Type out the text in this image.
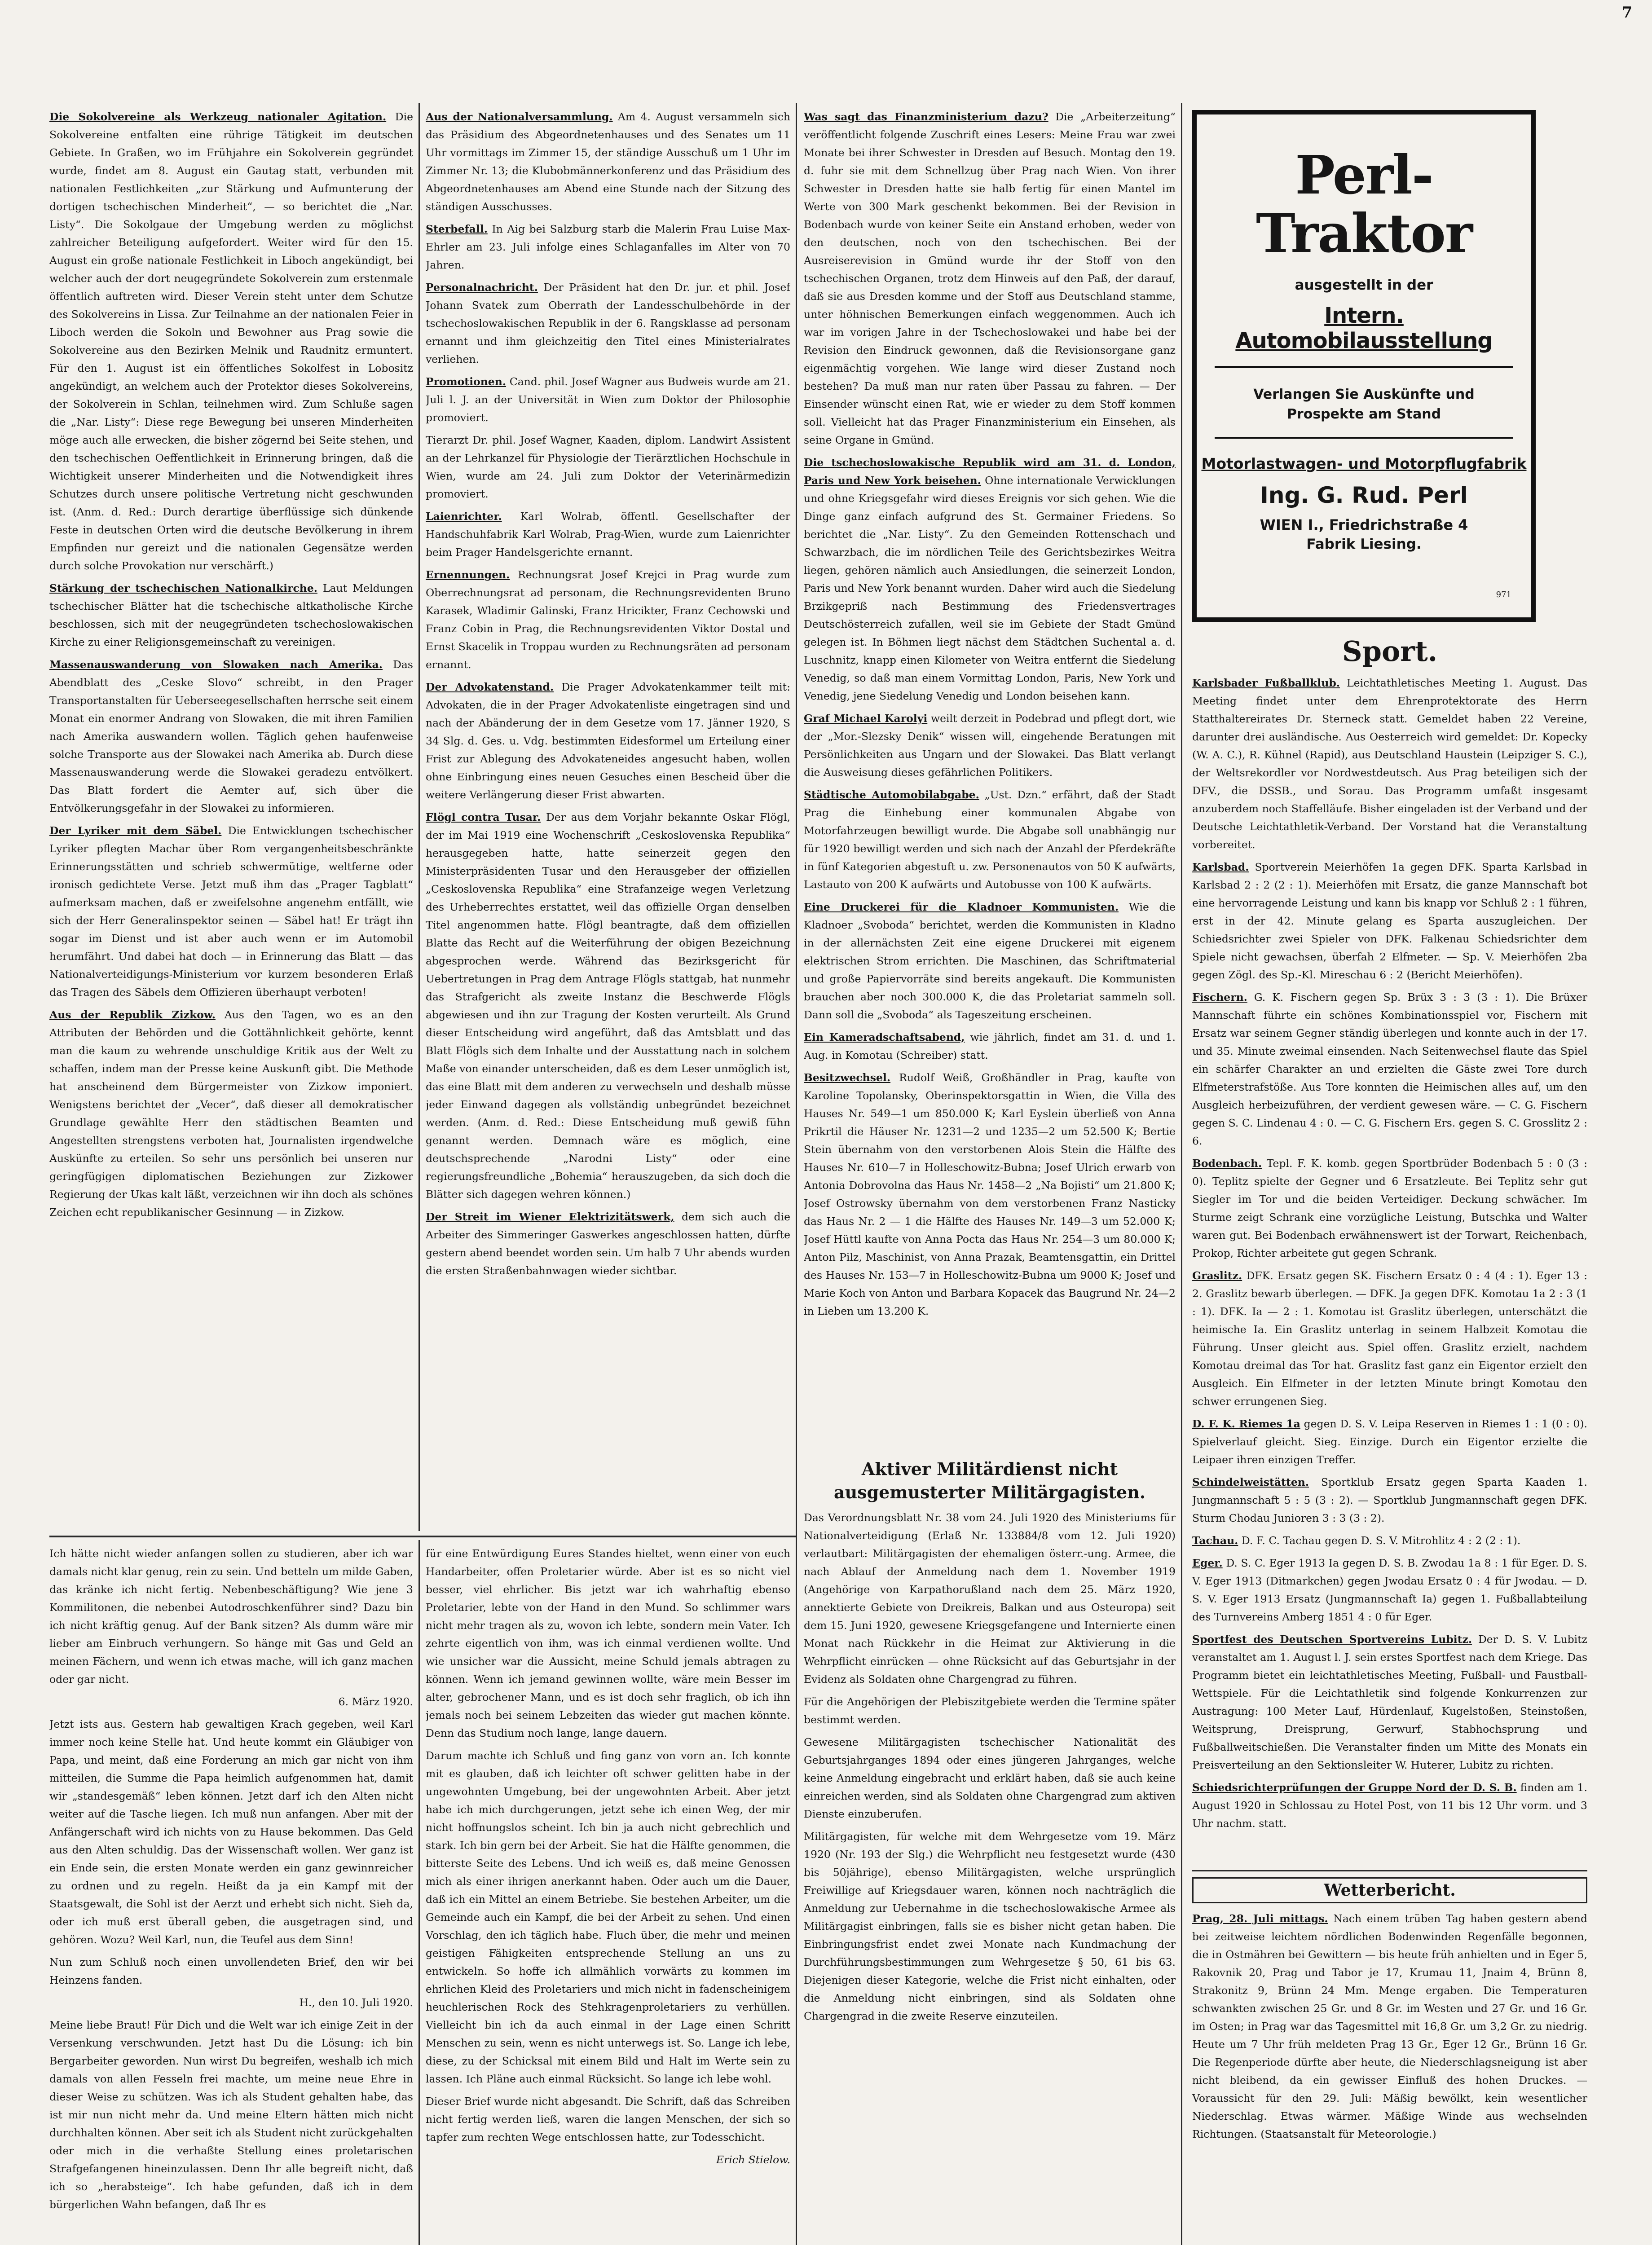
Die Sokolvereine als Werkzeug nationaler Agitation. Die Sokolvereine entfalten eine rührige Tätigkeit im deutschen Gebiete. In Graßen, wo im Frühjahre ein Sokolverein gegründet wurde, findet am 8. August ein Gautag statt, verbunden mit nationalen Festlichkeiten „zur Stärkung und Aufmunterung der dortigen tschechischen Minderheit“, — so berichtet die „Nar. Listy“. Die Sokolgaue der Umgebung werden zu möglichst zahlreicher Beteiligung aufgefordert. Weiter wird für den 15. August ein große nationale Festlichkeit in Liboch angekündigt, bei welcher auch der dort neugegründete Sokolverein zum erstenmale öffentlich auftreten wird. Dieser Verein steht unter dem Schutze des Sokolvereins in Lissa. Zur Teilnahme an der nationalen Feier in Liboch werden die Sokoln und Bewohner aus Prag sowie die Sokolvereine aus den Bezirken Melnik und Raudnitz ermuntert. Für den 1. August ist ein öffentliches Sokolfest in Lobositz angekündigt, an welchem auch der Protektor dieses Sokolvereins, der Sokolverein in Schlan, teilnehmen wird. Zum Schluße sagen die „Nar. Listy“: Diese rege Bewegung bei unseren Minderheiten möge auch alle erwecken, die bisher zögernd bei Seite stehen, und den tschechischen Oeffentlichkeit in Erinnerung bringen, daß die Wichtigkeit unserer Minderheiten und die Notwendigkeit ihres Schutzes durch unsere politische Vertretung nicht geschwunden ist. (Anm. d. Red.: Durch derartige überflüssige sich dünkende Feste in deutschen Orten wird die deutsche Bevölkerung in ihrem Empfinden nur gereizt und die nationalen Gegensätze werden durch solche Provokation nur verschärft.)

Stärkung der tschechischen Nationalkirche. Laut Meldungen tschechischer Blätter hat die tschechische altkatholische Kirche beschlossen, sich mit der neugegründeten tschechoslowakischen Kirche zu einer Religionsgemeinschaft zu vereinigen.

Massenauswanderung von Slowaken nach Amerika. Das Abendblatt des „Ceske Slovo“ schreibt, in den Prager Transportanstalten für Ueberseegesellschaften herrsche seit einem Monat ein enormer Andrang von Slowaken, die mit ihren Familien nach Amerika auswandern wollen. Täglich gehen haufenweise solche Transporte aus der Slowakei nach Amerika ab. Durch diese Massenauswanderung werde die Slowakei geradezu entvölkert. Das Blatt fordert die Aemter auf, sich über die Entvölkerungsgefahr in der Slowakei zu informieren.

Der Lyriker mit dem Säbel. Die Entwicklungen tschechischer Lyriker pflegten Machar über Rom vergangenheitsbeschränkte Erinnerungsstätten und schrieb schwermütige, weltferne oder ironisch gedichtete Verse. Jetzt muß ihm das „Prager Tagblatt“ aufmerksam machen, daß er zweifelsohne angenehm entfällt, wie sich der Herr Generalinspektor seinen — Säbel hat! Er trägt ihn sogar im Dienst und ist aber auch wenn er im Automobil herumfährt. Und dabei hat doch — in Erinnerung das Blatt — das Nationalverteidigungs-Ministerium vor kurzem besonderen Erlaß das Tragen des Säbels dem Offizieren überhaupt verboten!

Aus der Republik Zizkow. Aus den Tagen, wo es an den Attributen der Behörden und die Gottähnlichkeit gehörte, kennt man die kaum zu wehrende unschuldige Kritik aus der Welt zu schaffen, indem man der Presse keine Auskunft gibt. Die Methode hat anscheinend dem Bürgermeister von Zizkow imponiert. Wenigstens berichtet der „Vecer“, daß dieser all demokratischer Grundlage gewählte Herr den städtischen Beamten und Angestellten strengstens verboten hat, Journalisten irgendwelche Auskünfte zu erteilen. So sehr uns persönlich bei unseren nur geringfügigen diplomatischen Beziehungen zur Zizkower Regierung der Ukas kalt läßt, verzeichnen wir ihn doch als schönes Zeichen echt republikanischer Gesinnung — in Zizkow.

Aus der Nationalversammlung. Am 4. August versammeln sich das Präsidium des Abgeordnetenhauses und des Senates um 11 Uhr vormittags im Zimmer 15, der ständige Ausschuß um 1 Uhr im Zimmer Nr. 13; die Klubobmännerkonferenz und das Präsidium des Abgeordnetenhauses am Abend eine Stunde nach der Sitzung des ständigen Ausschusses.

Sterbefall. In Aig bei Salzburg starb die Malerin Frau Luise Max-Ehrler am 23. Juli infolge eines Schlaganfalles im Alter von 70 Jahren.

Personalnachricht. Der Präsident hat den Dr. jur. et phil. Josef Johann Svatek zum Oberrath der Landesschulbehörde in der tschechoslowakischen Republik in der 6. Rangsklasse ad personam ernannt und ihm gleichzeitig den Titel eines Ministerialrates verliehen.

Promotionen. Cand. phil. Josef Wagner aus Budweis wurde am 21. Juli l. J. an der Universität in Wien zum Doktor der Philosophie promoviert.

Tierarzt Dr. phil. Josef Wagner, Kaaden, diplom. Landwirt Assistent an der Lehrkanzel für Physiologie der Tierärztlichen Hochschule in Wien, wurde am 24. Juli zum Doktor der Veterinärmedizin promoviert.

Laienrichter. Karl Wolrab, öffentl. Gesellschafter der Handschuhfabrik Karl Wolrab, Prag-Wien, wurde zum Laienrichter beim Prager Handelsgerichte ernannt.

Ernennungen. Rechnungsrat Josef Krejci in Prag wurde zum Oberrechnungsrat ad personam, die Rechnungsrevidenten Bruno Karasek, Wladimir Galinski, Franz Hricikter, Franz Cechowski und Franz Cobin in Prag, die Rechnungsrevidenten Viktor Dostal und Ernst Skacelik in Troppau wurden zu Rechnungsräten ad personam ernannt.

Der Advokatenstand. Die Prager Advokatenkammer teilt mit: Advokaten, die in der Prager Advokatenliste eingetragen sind und nach der Abänderung der in dem Gesetze vom 17. Jänner 1920, S 34 Slg. d. Ges. u. Vdg. bestimmten Eidesformel um Erteilung einer Frist zur Ablegung des Advokateneides angesucht haben, wollen ohne Einbringung eines neuen Gesuches einen Bescheid über die weitere Verlängerung dieser Frist abwarten.

Flögl contra Tusar. Der aus dem Vorjahr bekannte Oskar Flögl, der im Mai 1919 eine Wochenschrift „Ceskoslovenska Republika“ herausgegeben hatte, hatte seinerzeit gegen den Ministerpräsidenten Tusar und den Herausgeber der offiziellen „Ceskoslovenska Republika“ eine Strafanzeige wegen Verletzung des Urheberrechtes erstattet, weil das offizielle Organ denselben Titel angenommen hatte. Flögl beantragte, daß dem offiziellen Blatte das Recht auf die Weiterführung der obigen Bezeichnung abgesprochen werde. Während das Bezirksgericht für Uebertretungen in Prag dem Antrage Flögls stattgab, hat nunmehr das Strafgericht als zweite Instanz die Beschwerde Flögls abgewiesen und ihn zur Tragung der Kosten verurteilt. Als Grund dieser Entscheidung wird angeführt, daß das Amtsblatt und das Blatt Flögls sich dem Inhalte und der Ausstattung nach in solchem Maße von einander unterscheiden, daß es dem Leser unmöglich ist, das eine Blatt mit dem anderen zu verwechseln und deshalb müsse jeder Einwand dagegen als vollständig unbegründet bezeichnet werden. (Anm. d. Red.: Diese Entscheidung muß gewiß fühn genannt werden. Demnach wäre es möglich, eine deutschsprechende „Narodni Listy“ oder eine regierungsfreundliche „Bohemia“ herauszugeben, da sich doch die Blätter sich dagegen wehren können.)

Der Streit im Wiener Elektrizitätswerk, dem sich auch die Arbeiter des Simmeringer Gaswerkes angeschlossen hatten, dürfte gestern abend beendet worden sein. Um halb 7 Uhr abends wurden die ersten Straßenbahnwagen wieder sichtbar.

Was sagt das Finanzministerium dazu? Die „Arbeiterzeitung“ veröffentlicht folgende Zuschrift eines Lesers: Meine Frau war zwei Monate bei ihrer Schwester in Dresden auf Besuch. Montag den 19. d. fuhr sie mit dem Schnellzug über Prag nach Wien. Von ihrer Schwester in Dresden hatte sie halb fertig für einen Mantel im Werte von 300 Mark geschenkt bekommen. Bei der Revision in Bodenbach wurde von keiner Seite ein Anstand erhoben, weder von den deutschen, noch von den tschechischen. Bei der Ausreiserevision in Gmünd wurde ihr der Stoff von den tschechischen Organen, trotz dem Hinweis auf den Paß, der darauf, daß sie aus Dresden komme und der Stoff aus Deutschland stamme, unter höhnischen Bemerkungen einfach weggenommen. Auch ich war im vorigen Jahre in der Tschechoslowakei und habe bei der Revision den Eindruck gewonnen, daß die Revisionsorgane ganz eigenmächtig vorgehen. Wie lange wird dieser Zustand noch bestehen? Da muß man nur raten über Passau zu fahren. — Der Einsender wünscht einen Rat, wie er wieder zu dem Stoff kommen soll. Vielleicht hat das Prager Finanzministerium ein Einsehen, als seine Organe in Gmünd.

Die tschechoslowakische Republik wird am 31. d. London, Paris und New York beisehen. Ohne internationale Verwicklungen und ohne Kriegsgefahr wird dieses Ereignis vor sich gehen. Wie die Dinge ganz einfach aufgrund des St. Germainer Friedens. So berichtet die „Nar. Listy“. Zu den Gemeinden Rottenschach und Schwarzbach, die im nördlichen Teile des Gerichtsbezirkes Weitra liegen, gehören nämlich auch Ansiedlungen, die seinerzeit London, Paris und New York benannt wurden. Daher wird auch die Siedelung Brzikgepriß nach Bestimmung des Friedensvertrages Deutschösterreich zufallen, weil sie im Gebiete der Stadt Gmünd gelegen ist. In Böhmen liegt nächst dem Städtchen Suchental a. d. Luschnitz, knapp einen Kilometer von Weitra entfernt die Siedelung Venedig, so daß man einem Vormittag London, Paris, New York und Venedig, jene Siedelung Venedig und London beisehen kann.

Graf Michael Karolyi weilt derzeit in Podebrad und pflegt dort, wie der „Mor.-Slezsky Denik“ wissen will, eingehende Beratungen mit Persönlichkeiten aus Ungarn und der Slowakei. Das Blatt verlangt die Ausweisung dieses gefährlichen Politikers.

Städtische Automobilabgabe. „Ust. Dzn.“ erfährt, daß der Stadt Prag die Einhebung einer kommunalen Abgabe von Motorfahrzeugen bewilligt wurde. Die Abgabe soll unabhängig nur für 1920 bewilligt werden und sich nach der Anzahl der Pferdekräfte in fünf Kategorien abgestuft u. zw. Personenautos von 50 K aufwärts, Lastauto von 200 K aufwärts und Autobusse von 100 K aufwärts.

Eine Druckerei für die Kladnoer Kommunisten. Wie die Kladnoer „Svoboda“ berichtet, werden die Kommunisten in Kladno in der allernächsten Zeit eine eigene Druckerei mit eigenem elektrischen Strom errichten. Die Maschinen, das Schriftmaterial und große Papiervorräte sind bereits angekauft. Die Kommunisten brauchen aber noch 300.000 K, die das Proletariat sammeln soll. Dann soll die „Svoboda“ als Tageszeitung erscheinen.

Ein Kameradschaftsabend, wie jährlich, findet am 31. d. und 1. Aug. in Komotau (Schreiber) statt.

Besitzwechsel. Rudolf Weiß, Großhändler in Prag, kaufte von Karoline Topolansky, Oberinspektorsgattin in Wien, die Villa des Hauses Nr. 549—1 um 850.000 K; Karl Eyslein überließ von Anna Prikrtil die Häuser Nr. 1231—2 und 1235—2 um 52.500 K; Bertie Stein übernahm von den verstorbenen Alois Stein die Hälfte des Hauses Nr. 610—7 in Holleschowitz-Bubna; Josef Ulrich erwarb von Antonia Dobrovolna das Haus Nr. 1458—2 „Na Bojisti“ um 21.800 K; Josef Ostrowsky übernahm von dem verstorbenen Franz Nasticky das Haus Nr. 2 — 1 die Hälfte des Hauses Nr. 149—3 um 52.000 K; Josef Hüttl kaufte von Anna Pocta das Haus Nr. 254—3 um 80.000 K; Anton Pilz, Maschinist, von Anna Prazak, Beamtensgattin, ein Drittel des Hauses Nr. 153—7 in Holleschowitz-Bubna um 9000 K; Josef und Marie Koch von Anton und Barbara Kopacek das Baugrund Nr. 24—2 in Lieben um 13.200 K.

Aktiver Militärdienst nicht ausgemusterter Militärgagisten.

Das Verordnungsblatt Nr. 38 vom 24. Juli 1920 des Ministeriums für Nationalverteidigung (Erlaß Nr. 133884/8 vom 12. Juli 1920) verlautbart: Militärgagisten der ehemaligen österr.-ung. Armee, die nach Ablauf der Anmeldung nach dem 1. November 1919 (Angehörige von Karpathorußland nach dem 25. März 1920, annektierte Gebiete von Dreikreis, Balkan und aus Osteuropa) seit dem 15. Juni 1920, gewesene Kriegsgefangene und Internierte einen Monat nach Rückkehr in die Heimat zur Aktivierung in die Wehrpflicht einrücken — ohne Rücksicht auf das Geburtsjahr in der Evidenz als Soldaten ohne Chargengrad zu führen.

Für die Angehörigen der Plebiszitgebiete werden die Termine später bestimmt werden.

Gewesene Militärgagisten tschechischer Nationalität des Geburtsjahrganges 1894 oder eines jüngeren Jahrganges, welche keine Anmeldung eingebracht und erklärt haben, daß sie auch keine einreichen werden, sind als Soldaten ohne Chargengrad zum aktiven Dienste einzuberufen.

Militärgagisten, für welche mit dem Wehrgesetze vom 19. März 1920 (Nr. 193 der Slg.) die Wehrpflicht neu festgesetzt wurde (430 bis 50jährige), ebenso Militärgagisten, welche ursprünglich Freiwillige auf Kriegsdauer waren, können noch nachträglich die Anmeldung zur Uebernahme in die tschechoslowakische Armee als Militärgagist einbringen, falls sie es bisher nicht getan haben. Die Einbringungsfrist endet zwei Monate nach Kundmachung der Durchführungsbestimmungen zum Wehrgesetze § 50, 61 bis 63. Diejenigen dieser Kategorie, welche die Frist nicht einhalten, oder die Anmeldung nicht einbringen, sind als Soldaten ohne Chargengrad in die zweite Reserve einzuteilen.

Ich hätte nicht wieder anfangen sollen zu studieren, aber ich war damals nicht klar genug, rein zu sein. Und betteln um milde Gaben, das kränke ich nicht fertig. Nebenbeschäftigung? Wie jene 3 Kommilitonen, die nebenbei Autodroschkenführer sind? Dazu bin ich nicht kräftig genug. Auf der Bank sitzen? Als dumm wäre mir lieber am Einbruch verhungern. So hänge mit Gas und Geld an meinen Fächern, und wenn ich etwas mache, will ich ganz machen oder gar nicht.

6. März 1920.

Jetzt ists aus. Gestern hab gewaltigen Krach gegeben, weil Karl immer noch keine Stelle hat. Und heute kommt ein Gläubiger von Papa, und meint, daß eine Forderung an mich gar nicht von ihm mitteilen, die Summe die Papa heimlich aufgenommen hat, damit wir „standesgemäß“ leben können. Jetzt darf ich den Alten nicht weiter auf die Tasche liegen. Ich muß nun anfangen. Aber mit der Anfängerschaft wird ich nichts von zu Hause bekommen. Das Geld aus den Alten schuldig. Das der Wissenschaft wollen. Wer ganz ist ein Ende sein, die ersten Monate werden ein ganz gewinnreicher zu ordnen und zu regeln. Heißt da ja ein Kampf mit der Staatsgewalt, die Sohl ist der Aerzt und erhebt sich nicht. Sieh da, oder ich muß erst überall geben, die ausgetragen sind, und gehören. Wozu? Weil Karl, nun, die Teufel aus dem Sinn!

Nun zum Schluß noch einen unvollendeten Brief, den wir bei Heinzens fanden.

H., den 10. Juli 1920.

Meine liebe Braut! Für Dich und die Welt war ich einige Zeit in der Versenkung verschwunden. Jetzt hast Du die Lösung: ich bin Bergarbeiter geworden. Nun wirst Du begreifen, weshalb ich mich damals von allen Fesseln frei machte, um meine neue Ehre in dieser Weise zu schützen. Was ich als Student gehalten habe, das ist mir nun nicht mehr da. Und meine Eltern hätten mich nicht durchhalten können. Aber seit ich als Student nicht zurückgehalten oder mich in die verhaßte Stellung eines proletarischen Strafgefangenen hineinzulassen. Denn Ihr alle begreift nicht, daß ich so „herabsteige“. Ich habe gefunden, daß ich in dem bürgerlichen Wahn befangen, daß Ihr es

für eine Entwürdigung Eures Standes hieltet, wenn einer von euch Handarbeiter, offen Proletarier würde. Aber ist es so nicht viel besser, viel ehrlicher. Bis jetzt war ich wahrhaftig ebenso Proletarier, lebte von der Hand in den Mund. So schlimmer wars nicht mehr tragen als zu, wovon ich lebte, sondern mein Vater. Ich zehrte eigentlich von ihm, was ich einmal verdienen wollte. Und wie unsicher war die Aussicht, meine Schuld jemals abtragen zu können. Wenn ich jemand gewinnen wollte, wäre mein Besser im alter, gebrochener Mann, und es ist doch sehr fraglich, ob ich ihn jemals noch bei seinem Lebzeiten das wieder gut machen könnte. Denn das Studium noch lange, lange dauern.

Darum machte ich Schluß und fing ganz von vorn an. Ich konnte mit es glauben, daß ich leichter oft schwer gelitten habe in der ungewohnten Umgebung, bei der ungewohnten Arbeit. Aber jetzt habe ich mich durchgerungen, jetzt sehe ich einen Weg, der mir nicht hoffnungslos scheint. Ich bin ja auch nicht gebrechlich und stark. Ich bin gern bei der Arbeit. Sie hat die Hälfte genommen, die bitterste Seite des Lebens. Und ich weiß es, daß meine Genossen mich als einer ihrigen anerkannt haben. Oder auch um die Dauer, daß ich ein Mittel an einem Betriebe. Sie bestehen Arbeiter, um die Gemeinde auch ein Kampf, die bei der Arbeit zu sehen. Und einen Vorschlag, den ich täglich habe. Fluch über, die mehr und meinen geistigen Fähigkeiten entsprechende Stellung an uns zu entwickeln. So hoffe ich allmählich vorwärts zu kommen im ehrlichen Kleid des Proletariers und mich nicht in fadenscheinigem heuchlerischen Rock des Stehkragenproletariers zu verhüllen. Vielleicht bin ich da auch einmal in der Lage einen Schritt Menschen zu sein, wenn es nicht unterwegs ist. So. Lange ich lebe, diese, zu der Schicksal mit einem Bild und Halt im Werte sein zu lassen. Ich Pläne auch einmal Rücksicht. So lange ich lebe wohl.

Dieser Brief wurde nicht abgesandt. Die Schrift, daß das Schreiben nicht fertig werden ließ, waren die langen Menschen, der sich so tapfer zum rechten Wege entschlossen hatte, zur Todesschicht.

Erich Stielow.

Perl-Traktor
ausgestellt in der
Intern. Automobilausstellung
Verlangen Sie Auskünfte und
Prospekte am Stand
Motorlastwagen- und Motorpflugfabrik
Ing. G. Rud. Perl
WIEN I., Friedrichstraße 4
Fabrik Liesing.
971
Sport.

Karlsbader Fußballklub. Leichtathletisches Meeting 1. August. Das Meeting findet unter dem Ehrenprotektorate des Herrn Statthaltereirates Dr. Sterneck statt. Gemeldet haben 22 Vereine, darunter drei ausländische. Aus Oesterreich wird gemeldet: Dr. Kopecky (W. A. C.), R. Kühnel (Rapid), aus Deutschland Haustein (Leipziger S. C.), der Weltsrekordler vor Nordwestdeutsch. Aus Prag beteiligen sich der DFV., die DSSB., und Sorau. Das Programm umfaßt insgesamt anzuberdem noch Staffelläufe. Bisher eingeladen ist der Verband und der Deutsche Leichtathletik-Verband. Der Vorstand hat die Veranstaltung vorbereitet.

Karlsbad. Sportverein Meierhöfen 1a gegen DFK. Sparta Karlsbad in Karlsbad 2 : 2 (2 : 1). Meierhöfen mit Ersatz, die ganze Mannschaft bot eine hervorragende Leistung und kann bis knapp vor Schluß 2 : 1 führen, erst in der 42. Minute gelang es Sparta auszugleichen. Der Schiedsrichter zwei Spieler von DFK. Falkenau Schiedsrichter dem Spiele nicht gewachsen, überfah 2 Elfmeter. — Sp. V. Meierhöfen 2ba gegen Zögl. des Sp.-Kl. Mireschau 6 : 2 (Bericht Meierhöfen).

Fischern. G. K. Fischern gegen Sp. Brüx 3 : 3 (3 : 1). Die Brüxer Mannschaft führte ein schönes Kombinationsspiel vor, Fischern mit Ersatz war seinem Gegner ständig überlegen und konnte auch in der 17. und 35. Minute zweimal einsenden. Nach Seitenwechsel flaute das Spiel ein schärfer Charakter an und erzielten die Gäste zwei Tore durch Elfmeterstrafstöße. Aus Tore konnten die Heimischen alles auf, um den Ausgleich herbeizuführen, der verdient gewesen wäre. — C. G. Fischern gegen S. C. Lindenau 4 : 0. — C. G. Fischern Ers. gegen S. C. Grosslitz 2 : 6.

Bodenbach. Tepl. F. K. komb. gegen Sportbrüder Bodenbach 5 : 0 (3 : 0). Teplitz spielte der Gegner und 6 Ersatzleute. Bei Teplitz sehr gut Siegler im Tor und die beiden Verteidiger. Deckung schwächer. Im Sturme zeigt Schrank eine vorzügliche Leistung, Butschka und Walter waren gut. Bei Bodenbach erwähnenswert ist der Torwart, Reichenbach, Prokop, Richter arbeitete gut gegen Schrank.

Graslitz. DFK. Ersatz gegen SK. Fischern Ersatz 0 : 4 (4 : 1). Eger 13 : 2. Graslitz bewarb überlegen. — DFK. Ja gegen DFK. Komotau 1a 2 : 3 (1 : 1). DFK. Ia — 2 : 1. Komotau ist Graslitz überlegen, unterschätzt die heimische Ia. Ein Graslitz unterlag in seinem Halbzeit Komotau die Führung. Unser gleicht aus. Spiel offen. Graslitz erzielt, nachdem Komotau dreimal das Tor hat. Graslitz fast ganz ein Eigentor erzielt den Ausgleich. Ein Elfmeter in der letzten Minute bringt Komotau den schwer errungenen Sieg.

D. F. K. Riemes 1a gegen D. S. V. Leipa Reserven in Riemes 1 : 1 (0 : 0). Spielverlauf gleicht. Sieg. Einzige. Durch ein Eigentor erzielte die Leipaer ihren einzigen Treffer.

Schindelweistätten. Sportklub Ersatz gegen Sparta Kaaden 1. Jungmannschaft 5 : 5 (3 : 2). — Sportklub Jungmannschaft gegen DFK. Sturm Chodau Junioren 3 : 3 (3 : 2).

Tachau. D. F. C. Tachau gegen D. S. V. Mitrohlitz 4 : 2 (2 : 1).

Eger. D. S. C. Eger 1913 Ia gegen D. S. B. Zwodau 1a 8 : 1 für Eger. D. S. V. Eger 1913 (Ditmarkchen) gegen Jwodau Ersatz 0 : 4 für Jwodau. — D. S. V. Eger 1913 Ersatz (Jungmannschaft Ia) gegen 1. Fußballabteilung des Turnvereins Amberg 1851 4 : 0 für Eger.

Sportfest des Deutschen Sportvereins Lubitz. Der D. S. V. Lubitz veranstaltet am 1. August l. J. sein erstes Sportfest nach dem Kriege. Das Programm bietet ein leichtathletisches Meeting, Fußball- und Faustball-Wettspiele. Für die Leichtathletik sind folgende Konkurrenzen zur Austragung: 100 Meter Lauf, Hürdenlauf, Kugelstoßen, Steinstoßen, Weitsprung, Dreisprung, Gerwurf, Stabhochsprung und Fußballweitschießen. Die Veranstalter finden um Mitte des Monats ein Preisverteilung an den Sektionsleiter W. Huterer, Lubitz zu richten.

Schiedsrichterprüfungen der Gruppe Nord der D. S. B. finden am 1. August 1920 in Schlossau zu Hotel Post, von 11 bis 12 Uhr vorm. und 3 Uhr nachm. statt.

Wetterbericht.

Prag, 28. Juli mittags. Nach einem trüben Tag haben gestern abend bei zeitweise leichtem nördlichen Bodenwinden Regenfälle begonnen, die in Ostmähren bei Gewittern — bis heute früh anhielten und in Eger 5, Rakovnik 20, Prag und Tabor je 17, Krumau 11, Jnaim 4, Brünn 8, Strakonitz 9, Brünn 24 Mm. Menge ergaben. Die Temperaturen schwankten zwischen 25 Gr. und 8 Gr. im Westen und 27 Gr. und 16 Gr. im Osten; in Prag war das Tagesmittel mit 16,8 Gr. um 3,2 Gr. zu niedrig. Heute um 7 Uhr früh meldeten Prag 13 Gr., Eger 12 Gr., Brünn 16 Gr. Die Regenperiode dürfte aber heute, die Niederschlagsneigung ist aber nicht bleibend, da ein gewisser Einfluß des hohen Druckes. — Voraussicht für den 29. Juli: Mäßig bewölkt, kein wesentlicher Niederschlag. Etwas wärmer. Mäßige Winde aus wechselnden Richtungen. (Staatsanstalt für Meteorologie.)

7
